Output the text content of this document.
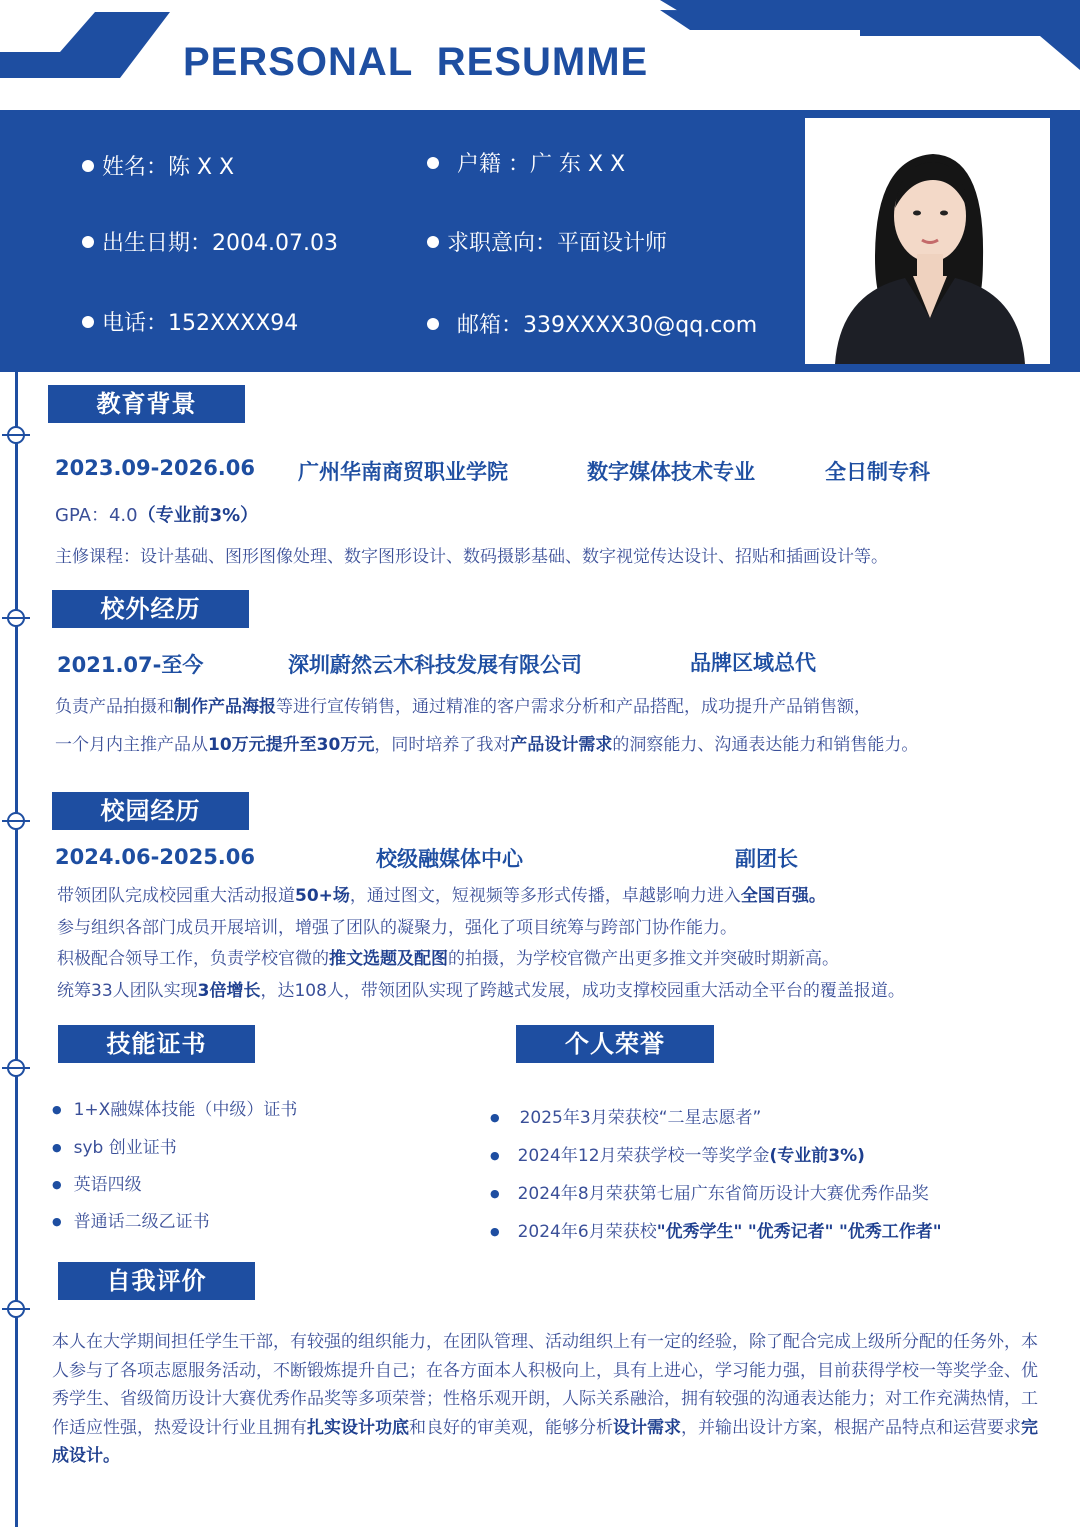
PERSONAL  RESUMME
姓名：陈 X X	户籍 ：广 东 X X
出生日期：2004.07.03	求职意向：平面设计师
电话：152XXXX94	邮箱：339XXXX30@qq.com
教育背景
2023.09-2026.06 广州华南商贸职业学院	数字媒体技术专业	全日制专科
GPA：4.0（专业前3%）
主修课程：设计基础、图形图像处理、数字图形设计、数码摄影基础、数字视觉传达设计、招贴和插画设计等。
校外经历
2021.07-至今	深圳蔚然云木科技发展有限公司	品牌区域总代
负责产品拍摄和制作产品海报等进行宣传销售，通过精准的客户需求分析和产品搭配，成功提升产品销售额，
一个月内主推产品从10万元提升至30万元，同时培养了我对产品设计需求的洞察能力、沟通表达能力和销售能力。
校园经历
2024.06-2025.06	校级融媒体中心	副团长
带领团队完成校园重大活动报道50+场，通过图文，短视频等多形式传播，卓越影响力进入全国百强。
参与组织各部门成员开展培训，增强了团队的凝聚力，强化了项目统筹与跨部门协作能力。
积极配合领导工作，负责学校官微的推文选题及配图的拍摄，为学校官微产出更多推文并突破时期新高。
统筹33人团队实现3倍增长，达108人，带领团队实现了跨越式发展，成功支撑校园重大活动全平台的覆盖报道。
技能证书
● 1+X融媒体技能（中级）证书
● syb 创业证书
● 英语四级
● 普通话二级乙证书
个人荣誉
● 2025年3月荣获校“二星志愿者”
● 2024年12月荣获学校一等奖学金(专业前3%)
● 2024年8月荣获第七届广东省简历设计大赛优秀作品奖
● 2024年6月荣获校"优秀学生" "优秀记者" "优秀工作者"
自我评价
本人在大学期间担任学生干部，有较强的组织能力，在团队管理、活动组织上有一定的经验，除了配合完成上级所分配的任务外，本人参与了各项志愿服务活动，不断锻炼提升自己；在各方面本人积极向上，具有上进心，学习能力强，目前获得学校一等奖学金、优秀学生、省级简历设计大赛优秀作品奖等多项荣誉；性格乐观开朗，人际关系融洽，拥有较强的沟通表达能力；对工作充满热情，工作适应性强，热爱设计行业且拥有扎实设计功底和良好的审美观，能够分析设计需求，并输出设计方案，根据产品特点和运营要求完成设计。
